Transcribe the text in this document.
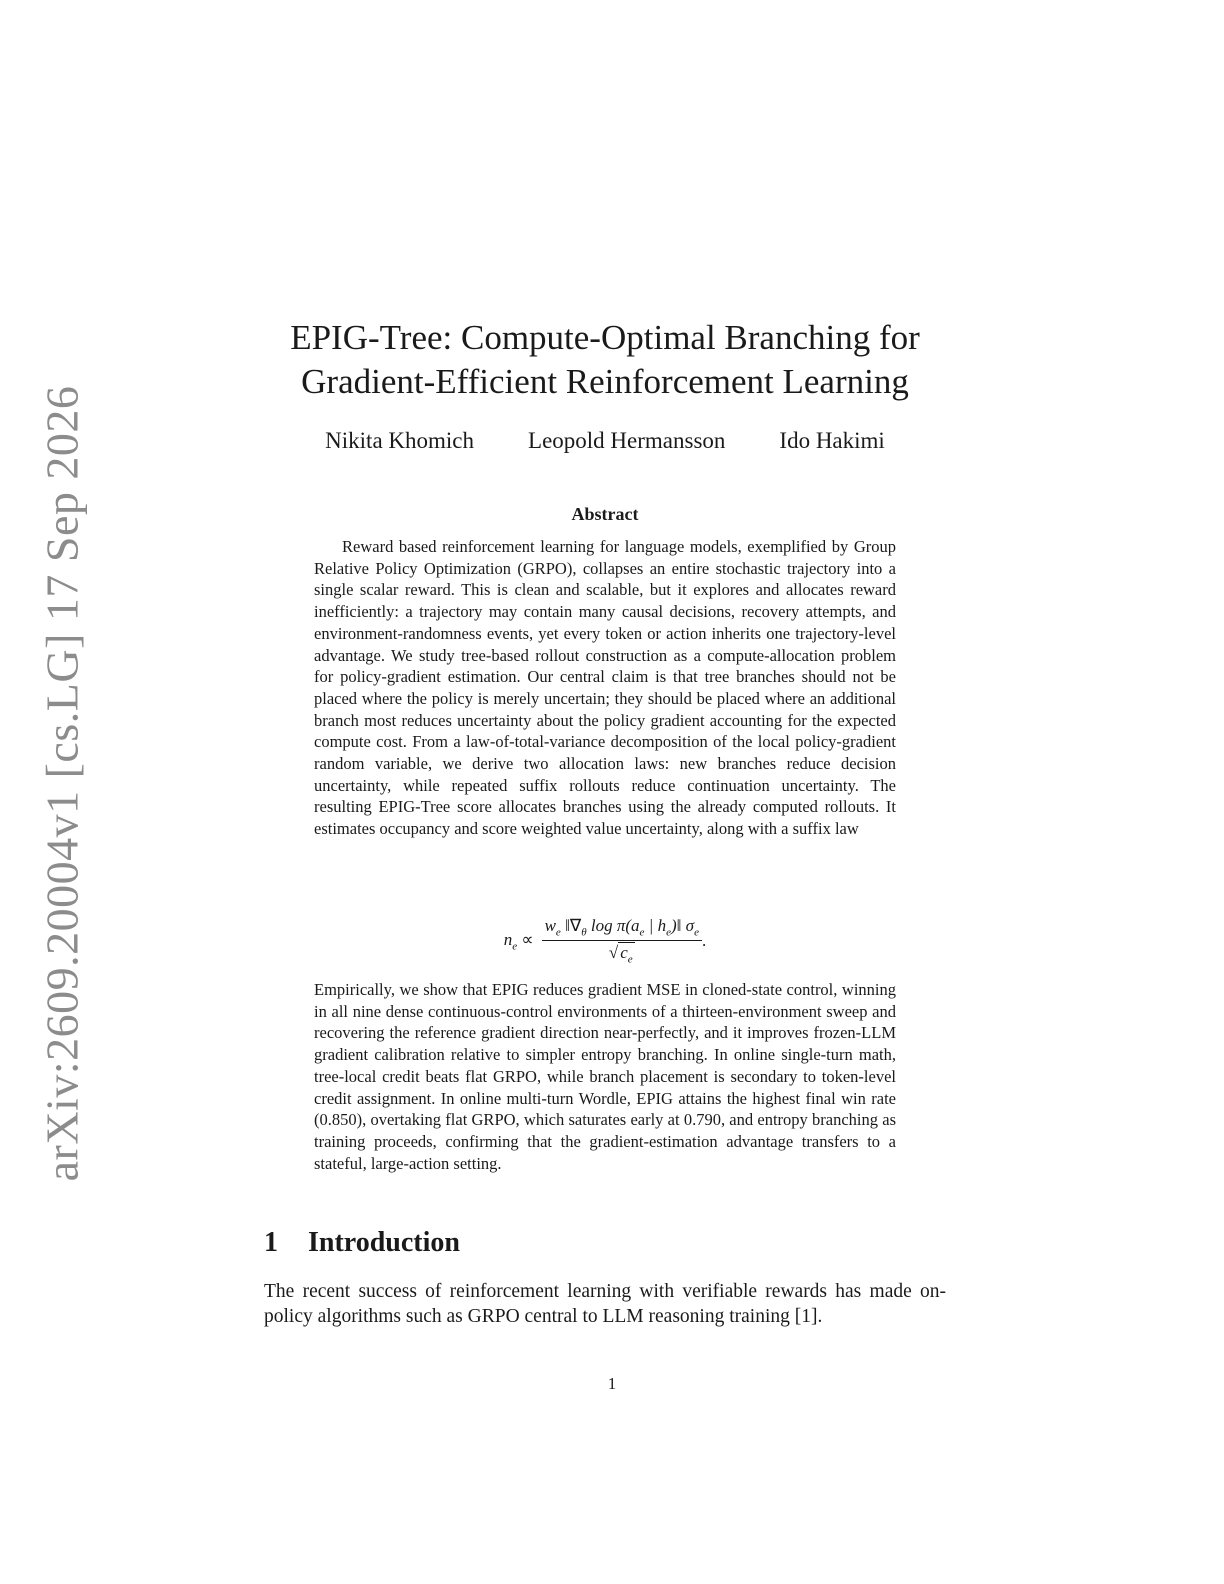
arXiv:2609.20004v1 [cs.LG] 17 Sep 2026
EPIG-Tree: Compute-Optimal Branching for
Gradient-Efficient Reinforcement Learning
Nikita Khomich Leopold Hermansson Ido Hakimi
Abstract

Reward based reinforcement learning for language models, exemplified by Group Relative Policy Optimization (GRPO), collapses an entire stochastic trajectory into a single scalar reward. This is clean and scalable, but it explores and allocates reward inefficiently: a trajectory may contain many causal decisions, recovery attempts, and environment-randomness events, yet every token or action inherits one trajectory-level advantage. We study tree-based rollout construction as a compute-allocation problem for policy-gradient estimation. Our central claim is that tree branches should not be placed where the policy is merely uncertain; they should be placed where an additional branch most reduces uncertainty about the policy gradient accounting for the expected compute cost. From a law-of-total-variance decomposition of the local policy-gradient random variable, we derive two allocation laws: new branches reduce decision uncertainty, while repeated suffix rollouts reduce continuation uncertainty. The resulting EPIG-Tree score allocates branches using the already computed rollouts. It estimates occupancy and score weighted value uncertainty, along with a suffix law

$n_e \propto \frac{w_e ‖\nabla_\theta \log \pi(a_e | h_e)‖ \sigma_e}{√ c_e}$ .

Empirically, we show that EPIG reduces gradient MSE in cloned-state control, winning in all nine dense continuous-control environments of a thirteen-environment sweep and recovering the reference gradient direction near-perfectly, and it improves frozen-LLM gradient calibration relative to simpler entropy branching. In online single-turn math, tree-local credit beats flat GRPO, while branch placement is secondary to token-level credit assignment. In online multi-turn Wordle, EPIG attains the highest final win rate (0.850), overtaking flat GRPO, which saturates early at 0.790, and entropy branching as training proceeds, confirming that the gradient-estimation advantage transfers to a stateful, large-action setting.

1 Introduction

The recent success of reinforcement learning with verifiable rewards has made on-policy algorithms such as GRPO central to LLM reasoning training [1].

1
